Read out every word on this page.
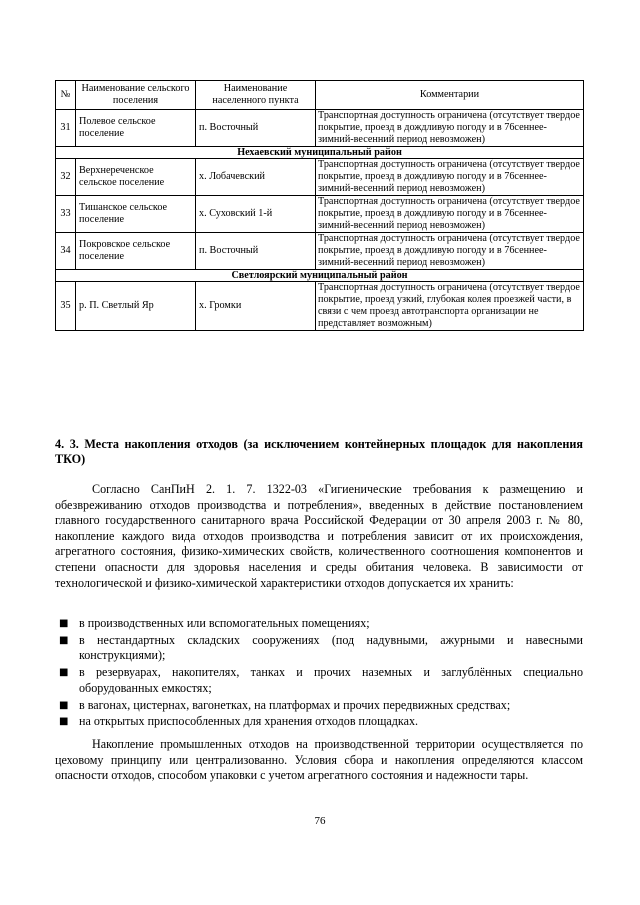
№	Наименование сельского поселения	Наименование населенного пункта	Комментарии
31	Полевое сельское поселение	п. Восточный	Транспортная доступность ограничена (отсутствует твердое покрытие, проезд в дождливую погоду и в 76сеннее-зимний-весенний период невозможен)
Нехаевский муниципальный район			
32	Верхнереченское сельское поселение	х. Лобачевский	Транспортная доступность ограничена (отсутствует твердое покрытие, проезд в дождливую погоду и в 76сеннее-зимний-весенний период невозможен)
33	Тишанское сельское поселение	х. Суховский 1-й	Транспортная доступность ограничена (отсутствует твердое покрытие, проезд в дождливую погоду и в 76сеннее-зимний-весенний период невозможен)
34	Покровское сельское поселение	п. Восточный	Транспортная доступность ограничена (отсутствует твердое покрытие, проезд в дождливую погоду и в 76сеннее-зимний-весенний период невозможен)
Светлоярский муниципальный район			
35	р. П. Светлый Яр	х. Громки	Транспортная доступность ограничена (отсутствует твердое покрытие, проезд узкий, глубокая колея проезжей части, в связи с чем проезд автотранспорта организации не представляет возможным)
4. 3. Места накопления отходов (за исключением контейнерных площадок для накопления ТКО)

Согласно СанПиН 2. 1. 7. 1322-03 «Гигиенические требования к размещению и обезвреживанию отходов производства и потребления», введенных в действие постановлением главного государственного санитарного врача Российской Федерации от 30 апреля 2003 г. № 80, накопление каждого вида отходов производства и потребления зависит от их происхождения, агрегатного состояния, физико-химических свойств, количественного соотношения компонентов и степени опасности для здоровья населения и среды обитания человека. В зависимости от технологической и физико-химической характеристики отходов допускается их хранить:

■ в производственных или вспомогательных помещениях;
■ в нестандартных складских сооружениях (под надувными, ажурными и навесными конструкциями);
■ в резервуарах, накопителях, танках и прочих наземных и заглублённых специально оборудованных емкостях;
■ в вагонах, цистернах, вагонетках, на платформах и прочих передвижных средствах;
■ на открытых приспособленных для хранения отходов площадках.

Накопление промышленных отходов на производственной территории осуществляется по цеховому принципу или централизованно. Условия сбора и накопления определяются классом опасности отходов, способом упаковки с учетом агрегатного состояния и надежности тары.

76
